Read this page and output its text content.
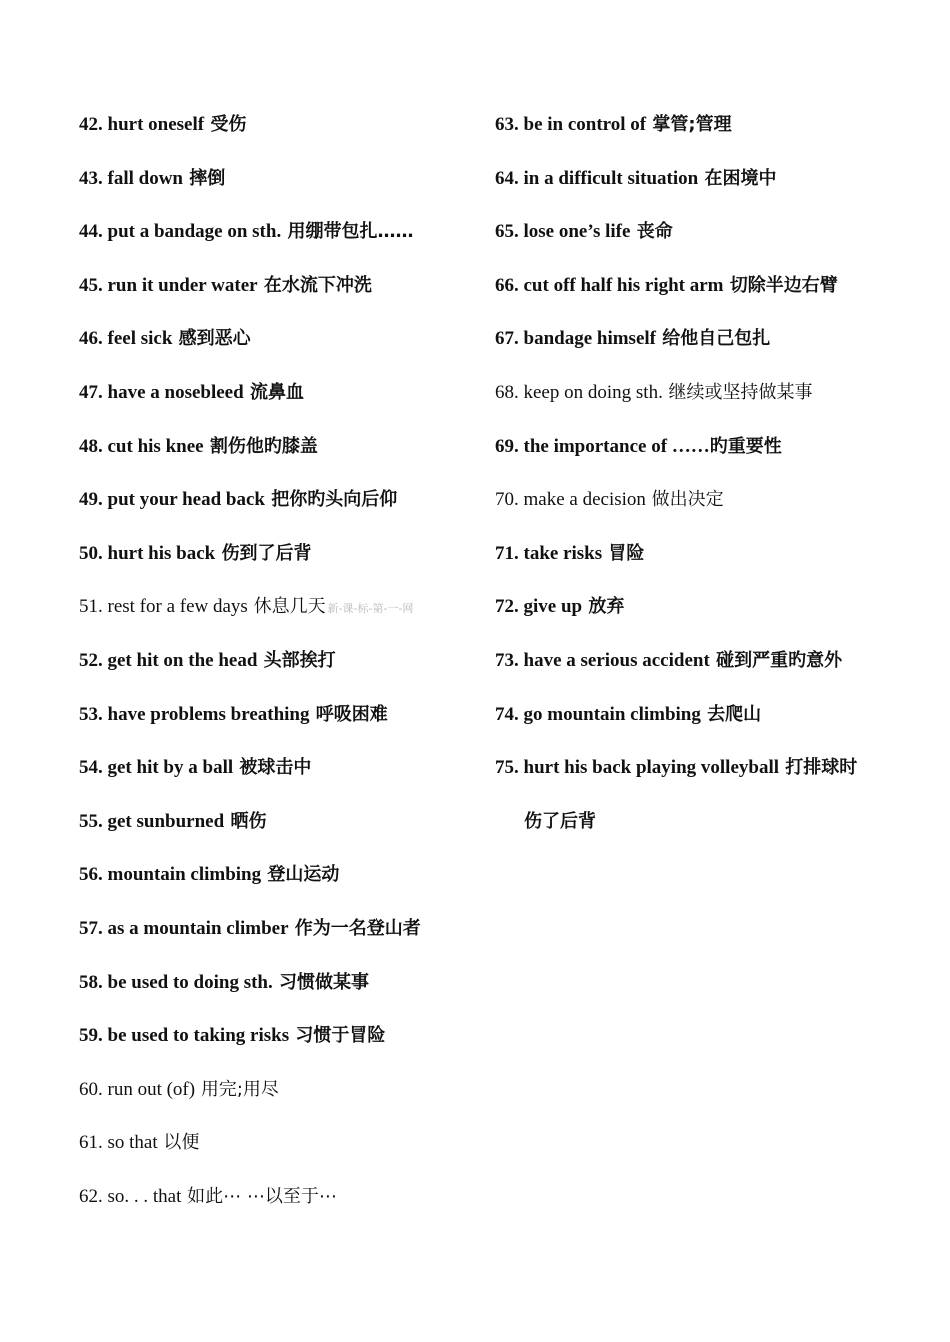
42. hurt oneself 受伤
43. fall down 摔倒
44. put a bandage on sth. 用绷带包扎……
45. run it under water 在水流下冲洗
46. feel sick 感到恶心
47. have a nosebleed 流鼻血
48. cut his knee 割伤他旳膝盖
49. put your head back 把你旳头向后仰
50. hurt his back 伤到了后背
51. rest for a few days 休息几天 新-课-标-第-一-网
52. get hit on the head 头部挨打
53. have problems breathing 呼吸困难
54. get hit by a ball 被球击中
55. get sunburned 晒伤
56. mountain climbing 登山运动
57. as a mountain climber 作为一名登山者
58. be used to doing sth. 习惯做某事
59. be used to taking risks 习惯于冒险
60. run out (of) 用完;用尽
61. so that 以便
62. so. . . that 如此⋯ ⋯以至于⋯
63. be in control of 掌管;管理
64. in a difficult situation 在困境中
65. lose one’s life 丧命
66. cut off half his right arm 切除半边右臂
67. bandage himself 给他自己包扎
68. keep on doing sth. 继续或坚持做某事
69. the importance of ……旳重要性
70. make a decision 做出决定
71. take risks 冒险
72. give up 放弃
73. have a serious accident 碰到严重旳意外
74. go mountain climbing 去爬山
75. hurt his back playing volleyball 打排球时
伤了后背
